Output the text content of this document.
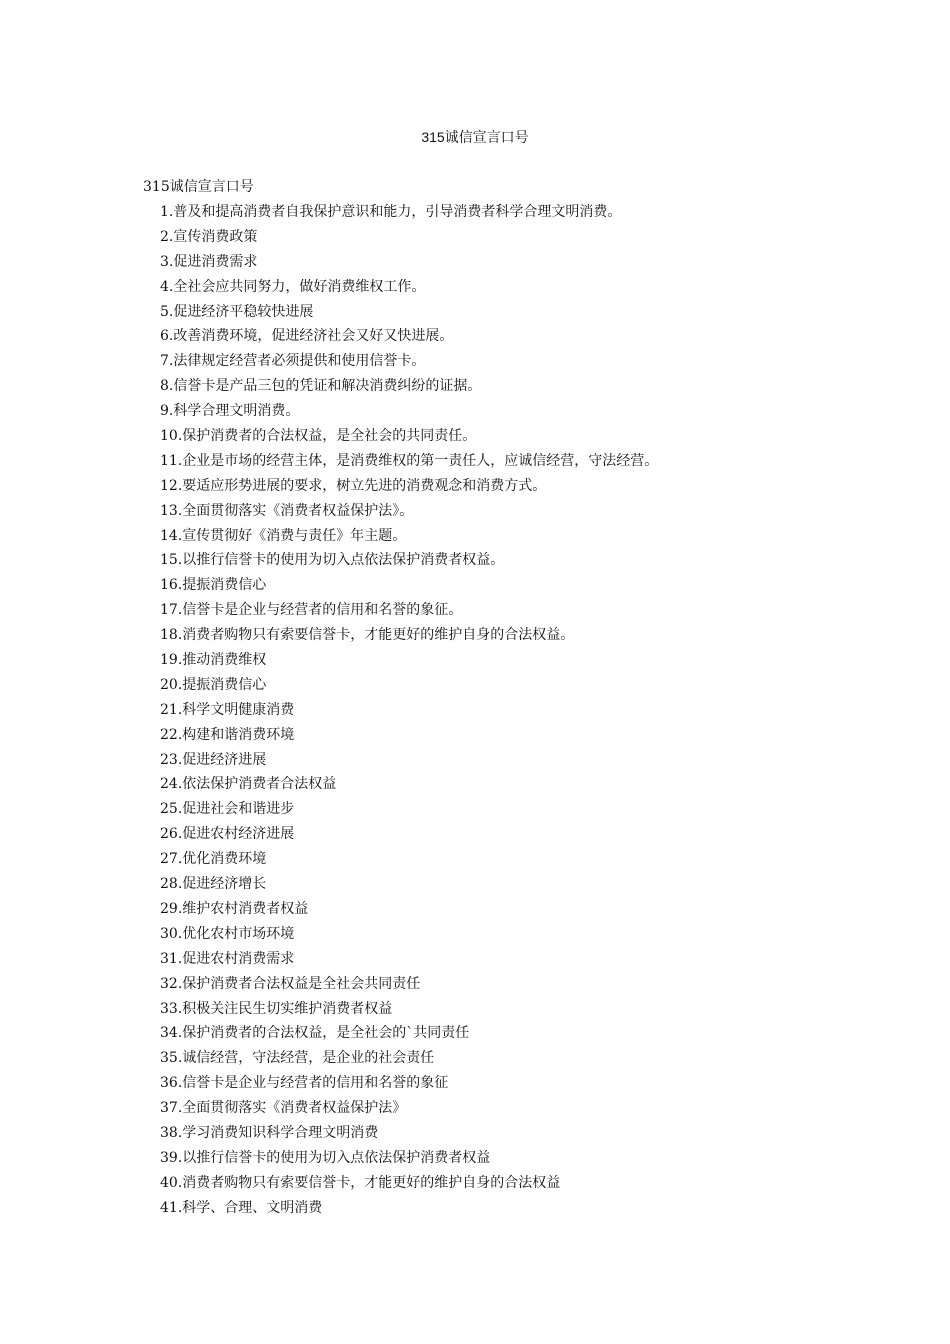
315诚信宣言口号
315诚信宣言口号
1.普及和提高消费者自我保护意识和能力，引导消费者科学合理文明消费。
2.宣传消费政策
3.促进消费需求
4.全社会应共同努力，做好消费维权工作。
5.促进经济平稳较快进展
6.改善消费环境，促进经济社会又好又快进展。
7.法律规定经营者必须提供和使用信誉卡。
8.信誉卡是产品三包的凭证和解决消费纠纷的证据。
9.科学合理文明消费。
10.保护消费者的合法权益，是全社会的共同责任。
11.企业是市场的经营主体，是消费维权的第一责任人，应诚信经营，守法经营。
12.要适应形势进展的要求，树立先进的消费观念和消费方式。
13.全面贯彻落实《消费者权益保护法》。
14.宣传贯彻好《消费与责任》年主题。
15.以推行信誉卡的使用为切入点依法保护消费者权益。
16.提振消费信心
17.信誉卡是企业与经营者的信用和名誉的象征。
18.消费者购物只有索要信誉卡，才能更好的维护自身的合法权益。
19.推动消费维权
20.提振消费信心
21.科学文明健康消费
22.构建和谐消费环境
23.促进经济进展
24.依法保护消费者合法权益
25.促进社会和谐进步
26.促进农村经济进展
27.优化消费环境
28.促进经济增长
29.维护农村消费者权益
30.优化农村市场环境
31.促进农村消费需求
32.保护消费者合法权益是全社会共同责任
33.积极关注民生切实维护消费者权益
34.保护消费者的合法权益，是全社会的`共同责任
35.诚信经营，守法经营，是企业的社会责任
36.信誉卡是企业与经营者的信用和名誉的象征
37.全面贯彻落实《消费者权益保护法》
38.学习消费知识科学合理文明消费
39.以推行信誉卡的使用为切入点依法保护消费者权益
40.消费者购物只有索要信誉卡，才能更好的维护自身的合法权益
41.科学、合理、文明消费
